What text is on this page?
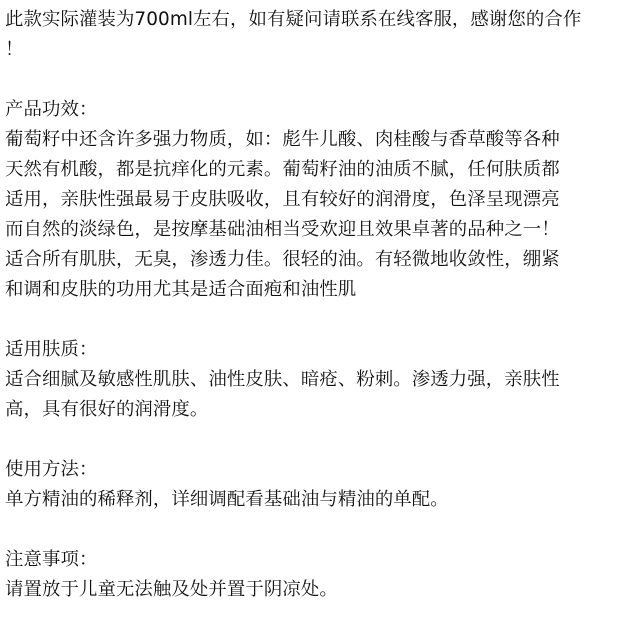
此款实际灌装为700ml左右，如有疑问请联系在线客服，感谢您的合作
！
产品功效：
葡萄籽中还含许多强力物质，如：彪牛儿酸、肉桂酸与香草酸等各种
天然有机酸，都是抗痒化的元素。葡萄籽油的油质不腻，任何肤质都
适用，亲肤性强最易于皮肤吸收，且有较好的润滑度，色泽呈现漂亮
而自然的淡绿色，是按摩基础油相当受欢迎且效果卓著的品种之一！
适合所有肌肤，无臭，渗透力佳。很轻的油。有轻微地收敛性，绷紧
和调和皮肤的功用尤其是适合面疱和油性肌
适用肤质：
适合细腻及敏感性肌肤、油性皮肤、暗疮、粉刺。渗透力强，亲肤性
高，具有很好的润滑度。
使用方法：
单方精油的稀释剂，详细调配看基础油与精油的单配。
注意事项：
请置放于儿童无法触及处并置于阴凉处。
